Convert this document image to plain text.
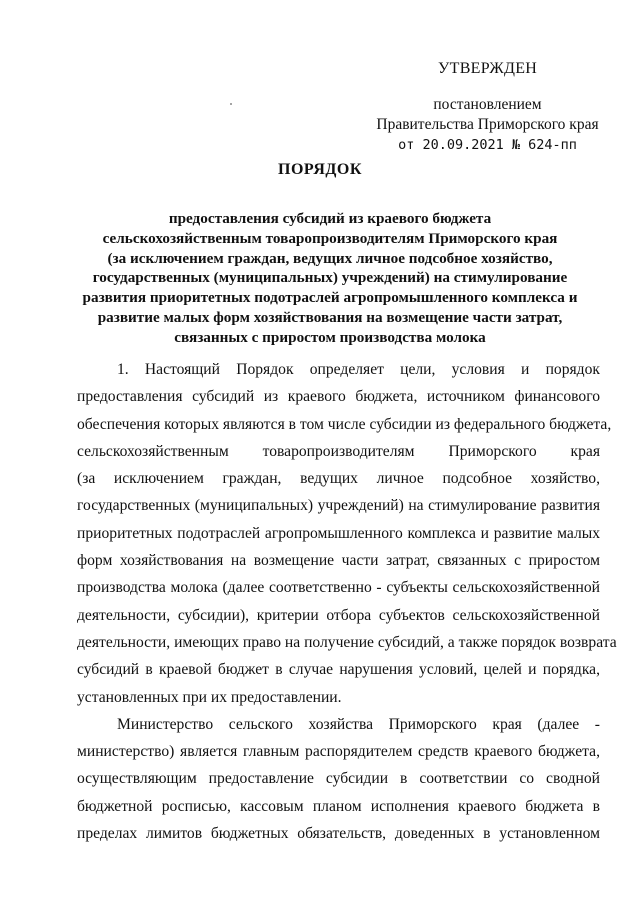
УТВЕРЖДЕН
постановлением
Правительства Приморского края
от 20.09.2021 № 624-пп
ПОРЯДОК
предоставления субсидий из краевого бюджета
сельскохозяйственным товаропроизводителям Приморского края
(за исключением граждан, ведущих личное подсобное хозяйство,
государственных (муниципальных) учреждений) на стимулирование
развития приоритетных подотраслей агропромышленного комплекса и
развитие малых форм хозяйствования на возмещение части затрат,
связанных с приростом производства молока
1. Настоящий Порядок определяет цели, условия и порядок
предоставления субсидий из краевого бюджета, источником финансового
обеспечения которых являются в том числе субсидии из федерального бюджета,
сельскохозяйственным товаропроизводителям Приморского края
(за исключением граждан, ведущих личное подсобное хозяйство,
государственных (муниципальных) учреждений) на стимулирование развития
приоритетных подотраслей агропромышленного комплекса и развитие малых
форм хозяйствования на возмещение части затрат, связанных с приростом
производства молока (далее соответственно - субъекты сельскохозяйственной
деятельности, субсидии), критерии отбора субъектов сельскохозяйственной
деятельности, имеющих право на получение субсидий, а также порядок возврата
субсидий в краевой бюджет в случае нарушения условий, целей и порядка,
установленных при их предоставлении.
Министерство сельского хозяйства Приморского края (далее -
министерство) является главным распорядителем средств краевого бюджета,
осуществляющим предоставление субсидии в соответствии со сводной
бюджетной росписью, кассовым планом исполнения краевого бюджета в
пределах лимитов бюджетных обязательств, доведенных в установленном
